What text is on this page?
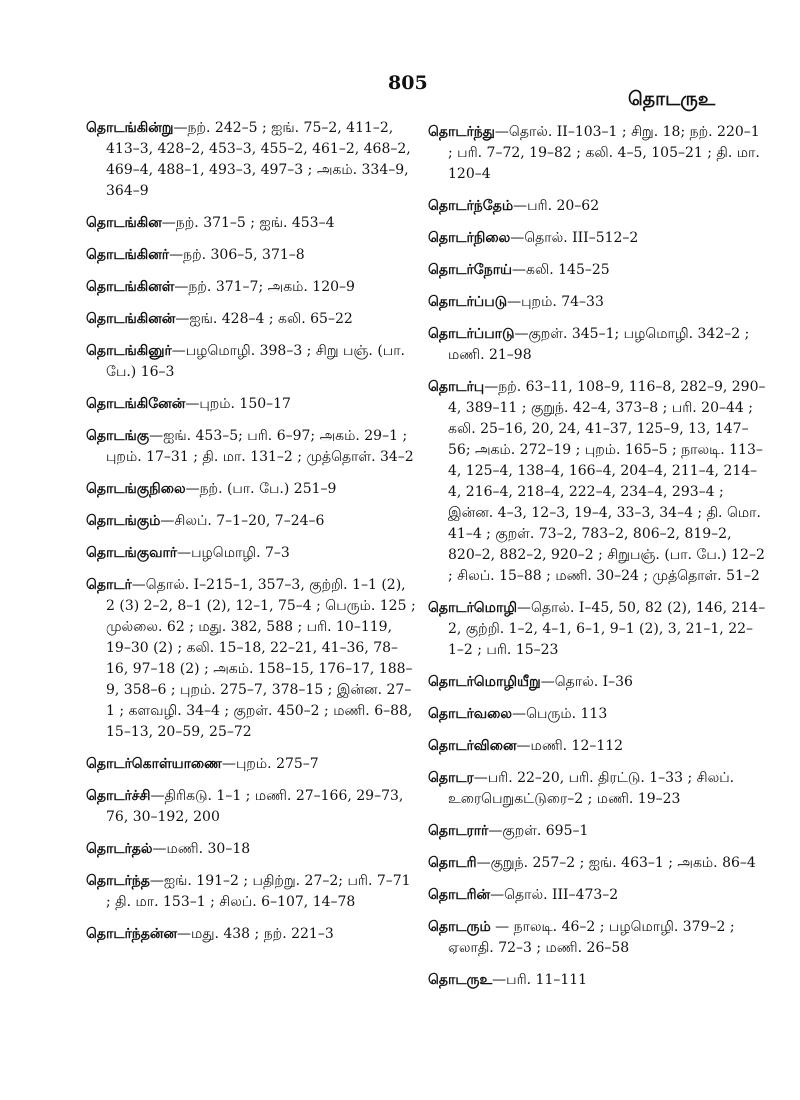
805
தொடருஉ
தொடங்கின்று—நற். 242–5 ; ஐங். 75–2, 411–2, 413–3, 428–2, 453–3, 455–2, 461–2, 468–2, 469–4, 488–1, 493–3, 497–3 ; அகம். 334–9, 364–9
தொடங்கின—நற். 371–5 ; ஐங். 453–4
தொடங்கினர்—நற். 306–5, 371–8
தொடங்கினள்—நற். 371–7; அகம். 120–9
தொடங்கினன்—ஐங். 428–4 ; கலி. 65–22
தொடங்கினுர்—பழமொழி. 398–3 ; சிறு பஞ். (பா. பே.) 16–3
தொடங்கினேன்—புறம். 150–17
தொடங்கு—ஐங். 453–5; பரி. 6–97; அகம். 29–1 ; புறம். 17–31 ; தி. மா. 131–2 ; முத்தொள். 34–2
தொடங்குநிலை—நற். (பா. பே.) 251–9
தொடங்கும்—சிலப். 7–1–20, 7–24–6
தொடங்குவார்—பழமொழி. 7–3
தொடர்—தொல். I–215–1, 357–3, குற்றி. 1–1 (2), 2 (3) 2–2, 8–1 (2), 12–1, 75–4 ; பெரும். 125 ; முல்லை. 62 ; மது. 382, 588 ; பரி. 10–119, 19–30 (2) ; கலி. 15–18, 22–21, 41–36, 78–16, 97–18 (2) ; அகம். 158–15, 176–17, 188–9, 358–6 ; புறம். 275–7, 378–15 ; இன்ன. 27–1 ; களவழி. 34–4 ; குறள். 450–2 ; மணி. 6–88, 15–13, 20–59, 25–72
தொடர்கொள்யாணை—புறம். 275–7
தொடர்ச்சி—திரிகடு. 1–1 ; மணி. 27–166, 29–73, 76, 30–192, 200
தொடர்தல்—மணி. 30–18
தொடர்ந்த—ஐங். 191–2 ; பதிற்று. 27–2; பரி. 7–71 ; தி. மா. 153–1 ; சிலப். 6–107, 14–78
தொடர்ந்தன்ன—மது. 438 ; நற். 221–3
தொடர்ந்து—தொல். II–103–1 ; சிறு. 18; நற். 220–1 ; பரி. 7–72, 19–82 ; கலி. 4–5, 105–21 ; தி. மா. 120–4
தொடர்ந்தேம்—பரி. 20–62
தொடர்நிலை—தொல். III–512–2
தொடர்நோய்—கலி. 145–25
தொடர்ப்படு—புறம். 74–33
தொடர்ப்பாடு—குறள். 345–1; பழமொழி. 342–2 ; மணி. 21–98
தொடர்பு—நற். 63–11, 108–9, 116–8, 282–9, 290–4, 389–11 ; குறுந். 42–4, 373–8 ; பரி. 20–44 ; கலி. 25–16, 20, 24, 41–37, 125–9, 13, 147–56; அகம். 272–19 ; புறம். 165–5 ; நாலடி. 113–4, 125–4, 138–4, 166–4, 204–4, 211–4, 214–4, 216–4, 218–4, 222–4, 234–4, 293–4 ; இன்ன. 4–3, 12–3, 19–4, 33–3, 34–4 ; தி. மொ. 41–4 ; குறள். 73–2, 783–2, 806–2, 819–2, 820–2, 882–2, 920–2 ; சிறுபஞ். (பா. பே.) 12–2 ; சிலப். 15–88 ; மணி. 30–24 ; முத்தொள். 51–2
தொடர்மொழி—தொல். I–45, 50, 82 (2), 146, 214–2, குற்றி. 1–2, 4–1, 6–1, 9–1 (2), 3, 21–1, 22–1–2 ; பரி. 15–23
தொடர்மொழியீறு—தொல். I–36
தொடர்வலை—பெரும். 113
தொடர்வினை—மணி. 12–112
தொடர—பரி. 22–20, பரி. திரட்டு. 1–33 ; சிலப். உரைபெறுகட்டுரை–2 ; மணி. 19–23
தொடரார்—குறள். 695–1
தொடரி—குறுந். 257–2 ; ஐங். 463–1 ; அகம். 86–4
தொடரின்—தொல். III–473–2
தொடரும் — நாலடி. 46–2 ; பழமொழி. 379–2 ; ஏலாதி. 72–3 ; மணி. 26–58
தொடருஉ—பரி. 11–111
